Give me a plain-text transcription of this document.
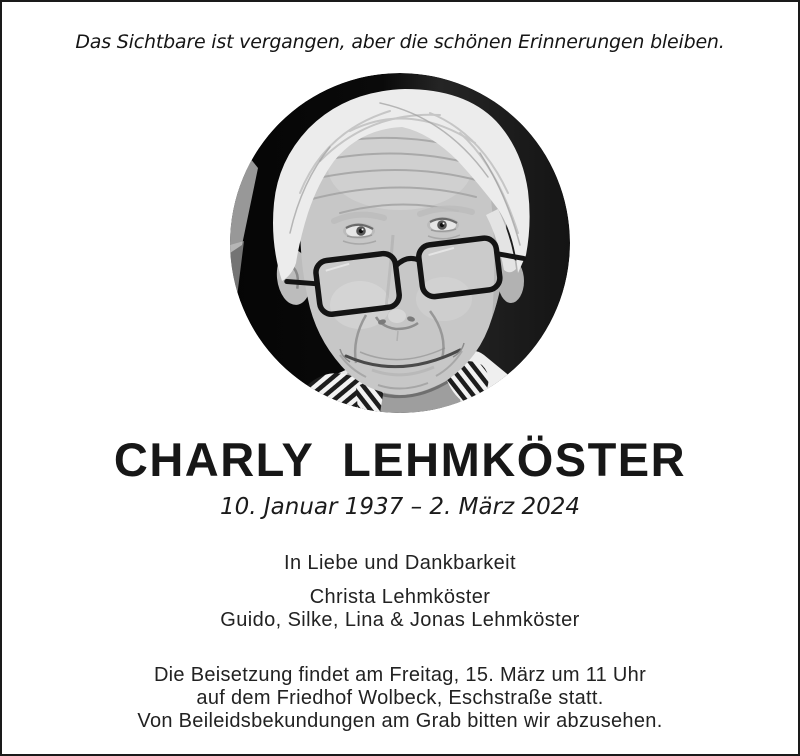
Das Sichtbare ist vergangen, aber die schönen Erinnerungen bleiben.
CHARLY LEHMKÖSTER
10. Januar 1937 – 2. März 2024
In Liebe und Dankbarkeit
Christa Lehmköster
Guido, Silke, Lina & Jonas Lehmköster
Die Beisetzung findet am Freitag, 15. März um 11 Uhr
auf dem Friedhof Wolbeck, Eschstraße statt.
Von Beileidsbekundungen am Grab bitten wir abzusehen.
